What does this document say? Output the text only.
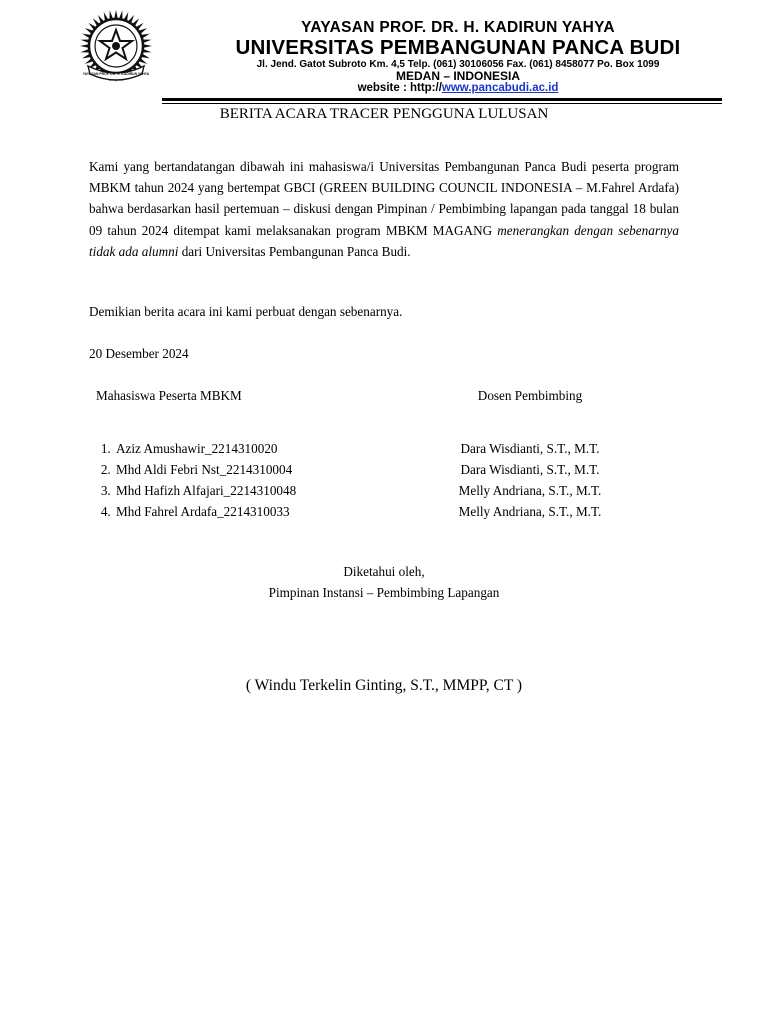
YAYASAN PROF. DR. H. KADIRUN YAHYA
YAYASAN PROF. DR. H. KADIRUN YAHYA
UNIVERSITAS PEMBANGUNAN PANCA BUDI
Jl. Jend. Gatot Subroto Km. 4,5 Telp. (061) 30106056 Fax. (061) 8458077 Po. Box 1099
MEDAN – INDONESIA
website : http://www.pancabudi.ac.id
BERITA ACARA TRACER PENGGUNA LULUSAN
Kami yang bertandatangan dibawah ini mahasiswa/i Universitas Pembangunan Panca Budi peserta program MBKM tahun 2024 yang bertempat GBCI (GREEN BUILDING COUNCIL INDONESIA – M.Fahrel Ardafa) bahwa berdasarkan hasil pertemuan – diskusi dengan Pimpinan / Pembimbing lapangan pada tanggal 18 bulan 09 tahun 2024 ditempat kami melaksanakan program MBKM MAGANG menerangkan dengan sebenarnya tidak ada alumni dari Universitas Pembangunan Panca Budi.
Demikian berita acara ini kami perbuat dengan sebenarnya.
20 Desember 2024
Mahasiswa Peserta MBKM	Dosen Pembimbing
1. Aziz Amushawir_2214310020
2. Mhd Aldi Febri Nst_2214310004
3. Mhd Hafizh Alfajari_2214310048
4. Mhd Fahrel Ardafa_2214310033
Dara Wisdianti, S.T., M.T.
Dara Wisdianti, S.T., M.T.
Melly Andriana, S.T., M.T.
Melly Andriana, S.T., M.T.
Diketahui oleh,
Pimpinan Instansi – Pembimbing Lapangan
( Windu Terkelin Ginting, S.T., MMPP, CT )
